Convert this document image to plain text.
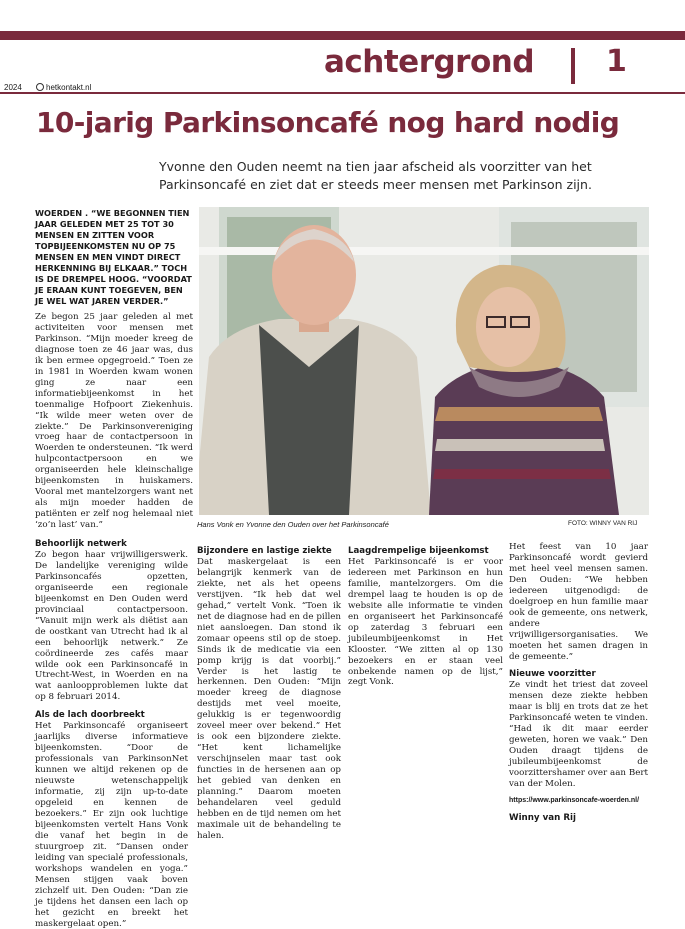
2024	hetkontakt.nl
achtergrond 1
10-jarig Parkinsoncafé nog hard nodig

Yvonne den Ouden neemt na tien jaar afscheid als voorzitter van het Parkinsoncafé en ziet dat er steeds meer mensen met Parkinson zijn.

WOERDEN . “WE BEGONNEN TIEN JAAR GELEDEN MET 25 TOT 30 MENSEN EN ZITTEN VOOR TOPBIJEENKOMSTEN NU OP 75 MENSEN EN MEN VINDT DIRECT HERKENNING BIJ ELKAAR.” TOCH IS DE DREMPEL HOOG. “VOORDAT JE ERAAN KUNT TOEGEVEN, BEN JE WEL WAT JAREN VERDER.”

Ze begon 25 jaar geleden al met activiteiten voor mensen met Parkinson. “Mijn moeder kreeg de diagnose toen ze 46 jaar was, dus ik ben ermee opgegroeid.” Toen ze in 1981 in Woerden kwam wonen ging ze naar een informatiebijeenkomst in het toenmalige Hofpoort Ziekenhuis. “Ik wilde meer weten over de ziekte.” De Parkinsonvereniging vroeg haar de contactpersoon in Woerden te ondersteunen. “Ik werd hulpcontactpersoon en we organiseerden hele kleinschalige bijeenkomsten in huiskamers. Vooral met mantelzorgers want net als mijn moeder hadden de patiënten er zelf nog helemaal niet ‘zo’n last’ van.”	Hans Vonk en Yvonne den Ouden over het Parkinsoncafé	FOTO: WINNY VAN RIJ

Behoorlijk netwerk

Zo begon haar vrijwilligerswerk. De landelijke vereniging wilde Parkinsoncafés opzetten, organiseerde een regionale bijeenkomst en Den Ouden werd provinciaal contactpersoon. “Vanuit mijn werk als diëtist aan de oostkant van Utrecht had ik al een behoorlijk netwerk.” Ze coördineerde zes cafés maar wilde ook een Parkinsoncafé in Utrecht-West, in Woerden en na wat aanloopproblemen lukte dat op 8 februari 2014.

Als de lach doorbreekt

Het Parkinsoncafé organiseert jaarlijks diverse informatieve bijeenkomsten. “Door de professionals van ParkinsonNet kunnen we altijd rekenen op de nieuwste wetenschappelijk informatie, zij zijn up-to-date opgeleid en kennen de bezoekers.” Er zijn ook luchtige bijeenkomsten vertelt Hans Vonk die vanaf het begin in de stuurgroep zit. “Dansen onder leiding van specialé professionals, workshops wandelen en yoga.” Mensen stijgen vaak boven zichzelf uit. Den Ouden: “Dan zie je tijdens het dansen een lach op het gezicht en breekt het maskergelaat open.”

Bijzondere en lastige ziekte

Dat maskergelaat is een belangrijk kenmerk van de ziekte, net als het opeens verstijven. “Ik heb dat wel gehad,” vertelt Vonk. “Toen ik net de diagnose had en de pillen niet aansloegen. Dan stond ik zomaar opeens stil op de stoep. Sinds ik de medicatie via een pomp krijg is dat voorbij.” Verder is het lastig te herkennen. Den Ouden: “Mijn moeder kreeg de diagnose destijds met veel moeite, gelukkig is er tegenwoordig zoveel meer over bekend.” Het is ook een bijzondere ziekte. “Het kent lichamelijke verschijnselen maar tast ook functies in de hersenen aan op het gebied van denken en planning.” Daarom moeten behandelaren veel geduld hebben en de tijd nemen om het maximale uit de behandeling te halen.

Laagdrempelige bijeenkomst

Het Parkinsoncafé is er voor iedereen met Parkinson en hun familie, mantelzorgers. Om die drempel laag te houden is op de website alle informatie te vinden en organiseert het Parkinsoncafé op zaterdag 3 februari een jubileumbijeenkomst in Het Klooster. “We zitten al op 130 bezoekers en er staan veel onbekende namen op de lijst,” zegt Vonk.

Het feest van 10 jaar Parkinsoncafé wordt gevierd met heel veel mensen samen. Den Ouden: “We hebben iedereen uitgenodigd: de doelgroep en hun familie maar ook de gemeente, ons netwerk, andere vrijwilligersorganisaties. We moeten het samen dragen in de gemeente.”

Nieuwe voorzitter

Ze vindt het triest dat zoveel mensen deze ziekte hebben maar is blij en trots dat ze het Parkinsoncafé weten te vinden. “Had ik dit maar eerder geweten, horen we vaak.” Den Ouden draagt tijdens de jubileumbijeenkomst de voorzittershamer over aan Bert van der Molen.

https://www.parkinsoncafe-woerden.nl/

Winny van Rij
